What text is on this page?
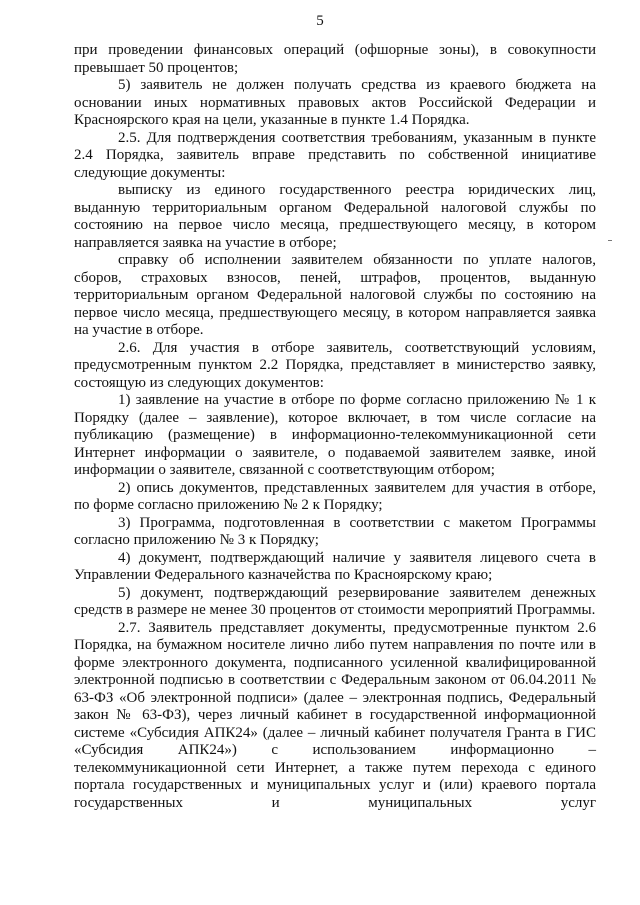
5

при проведении финансовых операций (офшорные зоны), в совокупности превышает 50 процентов;

5) заявитель не должен получать средства из краевого бюджета на основании иных нормативных правовых актов Российской Федерации и Красноярского края на цели, указанные в пункте 1.4 Порядка.

2.5. Для подтверждения соответствия требованиям, указанным в пункте 2.4 Порядка, заявитель вправе представить по собственной инициативе следующие документы:

выписку из единого государственного реестра юридических лиц, выданную территориальным органом Федеральной налоговой службы по состоянию на первое число месяца, предшествующего месяцу, в котором направляется заявка на участие в отборе;

справку об исполнении заявителем обязанности по уплате налогов, сборов, страховых взносов, пеней, штрафов, процентов, выданную территориальным органом Федеральной налоговой службы по состоянию на первое число месяца, предшествующего месяцу, в котором направляется заявка на участие в отборе.

2.6. Для участия в отборе заявитель, соответствующий условиям, предусмотренным пунктом 2.2 Порядка, представляет в министерство заявку, состоящую из следующих документов:

1) заявление на участие в отборе по форме согласно приложению № 1 к Порядку (далее – заявление), которое включает, в том числе согласие на публикацию (размещение) в информационно-телекоммуникационной сети Интернет информации о заявителе, о подаваемой заявителем заявке, иной информации о заявителе, связанной с соответствующим отбором;

2) опись документов, представленных заявителем для участия в отборе, по форме согласно приложению № 2 к Порядку;

3) Программа, подготовленная в соответствии с макетом Программы согласно приложению № 3 к Порядку;

4) документ, подтверждающий наличие у заявителя лицевого счета в Управлении Федерального казначейства по Красноярскому краю;

5) документ, подтверждающий резервирование заявителем денежных средств в размере не менее 30 процентов от стоимости мероприятий Программы.

2.7. Заявитель представляет документы, предусмотренные пунктом 2.6 Порядка, на бумажном носителе лично либо путем направления по почте или в форме электронного документа, подписанного усиленной квалифицированной электронной подписью в соответствии с Федеральным законом от 06.04.2011 № 63-ФЗ «Об электронной подписи» (далее – электронная подпись, Федеральный закон № 63-ФЗ), через личный кабинет в государственной информационной системе «Субсидия АПК24» (далее – личный кабинет получателя Гранта в ГИС «Субсидия АПК24») с использованием информационно – телекоммуникационной сети Интернет, а также путем перехода с единого портала государственных и муниципальных услуг и (или) краевого портала государственных и муниципальных услуг
